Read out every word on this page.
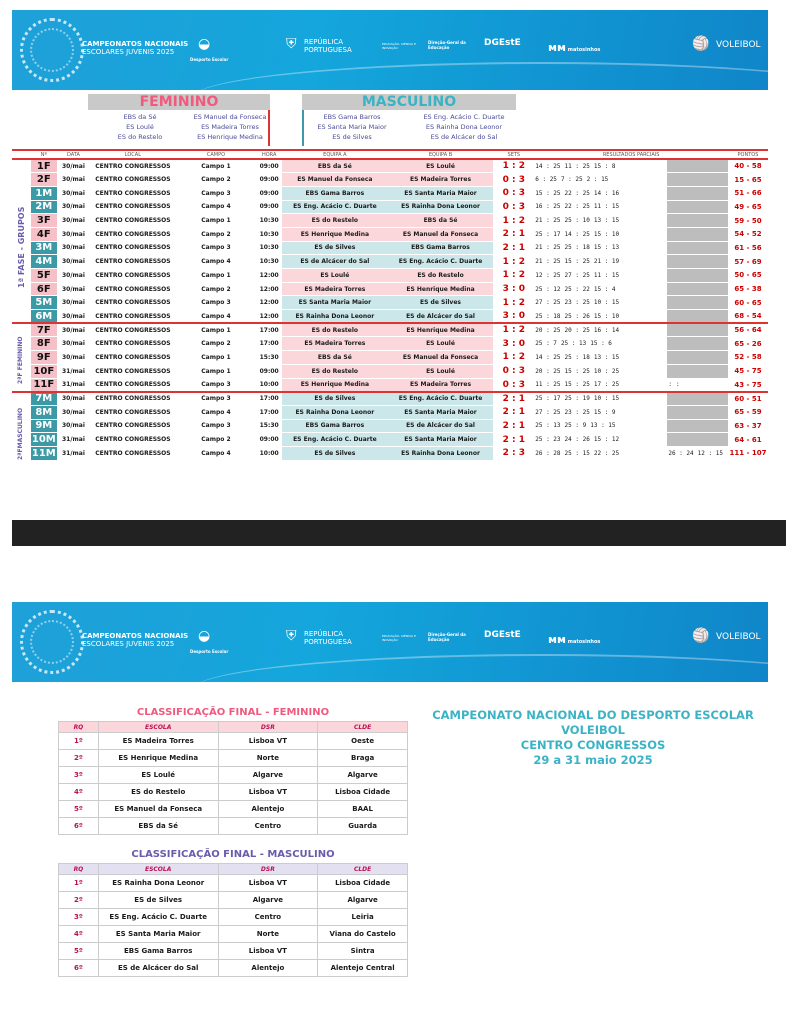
CAMPEONATOS NACIONAIS
ESCOLARES JUVENIS 2025	◒
Desporto Escolar
⛨ REPÚBLICA
PORTUGUESA
EDUCAÇÃO, CIÊNCIA E INOVAÇÃO
Direção-Geral da Educação	DGEstE ᴍᴍ matosinhos	🏐 VOLEIBOL
FEMININO	MASCULINO
EBS da Sé
ES Loulé
ES do Restelo
ES Manuel da Fonseca
ES Madeira Torres
ES Henrique Medina
EBS Gama Barros
ES Santa Maria Maior
ES de Silves
ES Eng. Acácio C. Duarte
ES Rainha Dona Leonor
ES de Alcácer do Sal
	Nº	DATA	LOCAL	CAMPO	HORA	EQUIPA A	EQUIPA B	SETS	RESULTADOS PARCIAIS		PONTOS
	1F	30/mai	CENTRO CONGRESSOS	Campo 1	09:00	EBS da Sé	ES Loulé	1 : 2	14 : 25 11 : 25 15 : 8		40 - 58
	2F	30/mai	CENTRO CONGRESSOS	Campo 2	09:00	ES Manuel da Fonseca	ES Madeira Torres	0 : 3	6 : 25 7 : 25 2 : 15		15 - 65
	1M	30/mai	CENTRO CONGRESSOS	Campo 3	09:00	EBS Gama Barros	ES Santa Maria Maior	0 : 3	15 : 25 22 : 25 14 : 16		51 - 66
	2M	30/mai	CENTRO CONGRESSOS	Campo 4	09:00	ES Eng. Acácio C. Duarte	ES Rainha Dona Leonor	0 : 3	16 : 25 22 : 25 11 : 15		49 - 65
	3F	30/mai	CENTRO CONGRESSOS	Campo 1	10:30	ES do Restelo	EBS da Sé	1 : 2	21 : 25 25 : 10 13 : 15		59 - 50
	4F	30/mai	CENTRO CONGRESSOS	Campo 2	10:30	ES Henrique Medina	ES Manuel da Fonseca	2 : 1	25 : 17 14 : 25 15 : 10		54 - 52
	3M	30/mai	CENTRO CONGRESSOS	Campo 3	10:30	ES de Silves	EBS Gama Barros	2 : 1	21 : 25 25 : 18 15 : 13		61 - 56
	4M	30/mai	CENTRO CONGRESSOS	Campo 4	10:30	ES de Alcácer do Sal	ES Eng. Acácio C. Duarte	1 : 2	21 : 25 15 : 25 21 : 19		57 - 69
	5F	30/mai	CENTRO CONGRESSOS	Campo 1	12:00	ES Loulé	ES do Restelo	1 : 2	12 : 25 27 : 25 11 : 15		50 - 65
	6F	30/mai	CENTRO CONGRESSOS	Campo 2	12:00	ES Madeira Torres	ES Henrique Medina	3 : 0	25 : 12 25 : 22 15 : 4		65 - 38
	5M	30/mai	CENTRO CONGRESSOS	Campo 3	12:00	ES Santa Maria Maior	ES de Silves	1 : 2	27 : 25 23 : 25 10 : 15		60 - 65
	6M	30/mai	CENTRO CONGRESSOS	Campo 4	12:00	ES Rainha Dona Leonor	ES de Alcácer do Sal	3 : 0	25 : 18 25 : 26 15 : 10		68 - 54
	7F	30/mai	CENTRO CONGRESSOS	Campo 1	17:00	ES do Restelo	ES Henrique Medina	1 : 2	20 : 25 20 : 25 16 : 14		56 - 64
	8F	30/mai	CENTRO CONGRESSOS	Campo 2	17:00	ES Madeira Torres	ES Loulé	3 : 0	25 : 7 25 : 13 15 : 6		65 - 26
	9F	30/mai	CENTRO CONGRESSOS	Campo 1	15:30	EBS da Sé	ES Manuel da Fonseca	1 : 2	14 : 25 25 : 18 13 : 15		52 - 58
	10F	31/mai	CENTRO CONGRESSOS	Campo 1	09:00	ES do Restelo	ES Loulé	0 : 3	20 : 25 15 : 25 10 : 25		45 - 75
	11F	31/mai	CENTRO CONGRESSOS	Campo 3	10:00	ES Henrique Medina	ES Madeira Torres	0 : 3	11 : 25 15 : 25 17 : 25	: :	43 - 75
	7M	30/mai	CENTRO CONGRESSOS	Campo 3	17:00	ES de Silves	ES Eng. Acácio C. Duarte	2 : 1	25 : 17 25 : 19 10 : 15		60 - 51
	8M	30/mai	CENTRO CONGRESSOS	Campo 4	17:00	ES Rainha Dona Leonor	ES Santa Maria Maior	2 : 1	27 : 25 23 : 25 15 : 9		65 - 59
	9M	30/mai	CENTRO CONGRESSOS	Campo 3	15:30	EBS Gama Barros	ES de Alcácer do Sal	2 : 1	25 : 13 25 : 9 13 : 15		63 - 37
	10M	31/mai	CENTRO CONGRESSOS	Campo 2	09:00	ES Eng. Acácio C. Duarte	ES Santa Maria Maior	2 : 1	25 : 23 24 : 26 15 : 12		64 - 61
	11M	31/mai	CENTRO CONGRESSOS	Campo 4	10:00	ES de Silves	ES Rainha Dona Leonor	2 : 3	26 : 28 25 : 15 22 : 25	26 : 24 12 : 15	111 - 107
1ª FASE - GRUPOS
2ªF FEMININO
2ªFMASCULINO
CAMPEONATOS NACIONAIS
ESCOLARES JUVENIS 2025	◒
Desporto Escolar
⛨ REPÚBLICA
PORTUGUESA
EDUCAÇÃO, CIÊNCIA E INOVAÇÃO
Direção-Geral da Educação	DGEstE ᴍᴍ matosinhos	🏐 VOLEIBOL
CLASSIFICAÇÃO FINAL - FEMININO
RQ	ESCOLA	DSR	CLDE
1º	ES Madeira Torres	Lisboa VT	Oeste
2º	ES Henrique Medina	Norte	Braga
3º	ES Loulé	Algarve	Algarve
4º	ES do Restelo	Lisboa VT	Lisboa Cidade
5º	ES Manuel da Fonseca	Alentejo	BAAL
6º	EBS da Sé	Centro	Guarda
CLASSIFICAÇÃO FINAL - MASCULINO
RQ	ESCOLA	DSR	CLDE
1º	ES Rainha Dona Leonor	Lisboa VT	Lisboa Cidade
2º	ES de Silves	Algarve	Algarve
3º	ES Eng. Acácio C. Duarte	Centro	Leiria
4º	ES Santa Maria Maior	Norte	Viana do Castelo
5º	EBS Gama Barros	Lisboa VT	Sintra
6º	ES de Alcácer do Sal	Alentejo	Alentejo Central
CAMPEONATO NACIONAL DO DESPORTO ESCOLAR
VOLEIBOL
CENTRO CONGRESSOS
29 a 31 maio 2025
